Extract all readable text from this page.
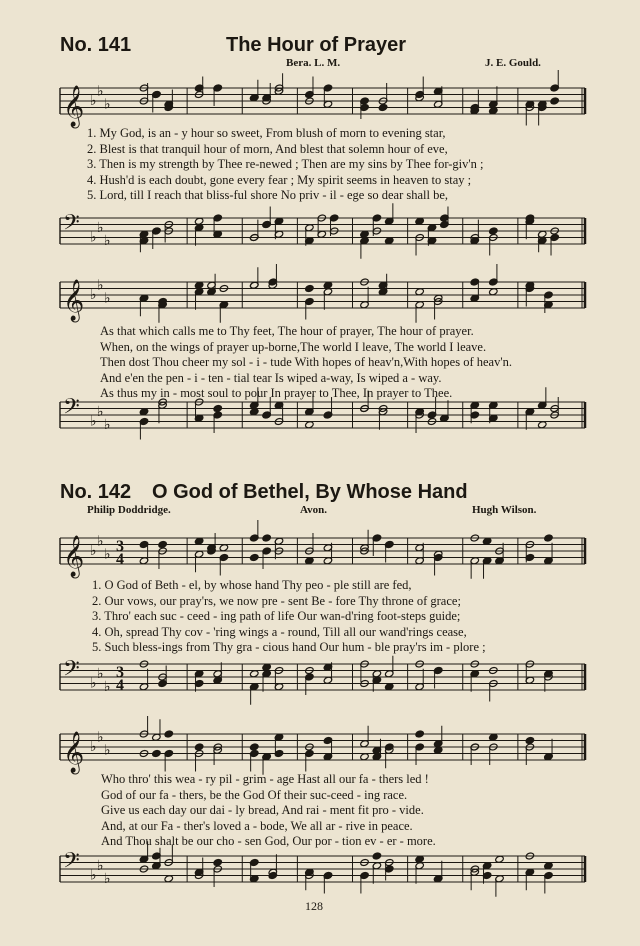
No. 141	The Hour of Prayer
Bera. L. M.	J. E. Gould.
𝄞 ♭
♭
♭
1. My God, is an - y hour so sweet, From blush of morn to evening star,
2. Blest is that tranquil hour of morn, And blest that solemn hour of eve,
3. Then is my strength by Thee re-newed ; Then are my sins by Thee for-giv'n ;
4. Hush'd is each doubt, gone every fear ; My spirit seems in heaven to stay ;
5. Lord, till I reach that bliss-ful shore No priv - il - ege so dear shall be,
𝄢 ♭
♭
♭
𝄞 ♭
♭
♭
As that which calls me to Thy feet, The hour of prayer, The hour of prayer.
When, on the wings of prayer up-borne,The world I leave, The world I leave.
Then dost Thou cheer my sol - i - tude With hopes of heav'n,With hopes of heav'n.
And e'en the pen - i - ten - tial tear Is wiped a-way, Is wiped a - way.
As thus my in - most soul to pour In prayer to Thee, In prayer to Thee.
𝄢 ♭
♭
♭
No. 142 O God of Bethel, By Whose Hand
Philip Doddridge.	Avon.	Hugh Wilson.
𝄞 ♭
♭
♭ 3
4
1. O God of Beth - el, by whose hand Thy peo - ple still are fed,
2. Our vows, our pray'rs, we now pre - sent Be - fore Thy throne of grace;
3. Thro' each suc - ceed - ing path of life Our wan-d'ring foot-steps guide;
4. Oh, spread Thy cov - 'ring wings a - round, Till all our wand'rings cease,
5. Such bless-ings from Thy gra - cious hand Our hum - ble pray'rs im - plore ;
𝄢 ♭
♭
♭
3
4
𝄞 ♭
♭
♭
Who thro' this wea - ry pil - grim - age Hast all our fa - thers led !
God of our fa - thers, be the God Of their suc-ceed - ing race.
Give us each day our dai - ly bread, And rai - ment fit pro - vide.
And, at our Fa - ther's loved a - bode, We all ar - rive in peace.
And Thou shalt be our cho - sen God, Our por - tion ev - er - more.
𝄢 ♭
♭
♭
128
